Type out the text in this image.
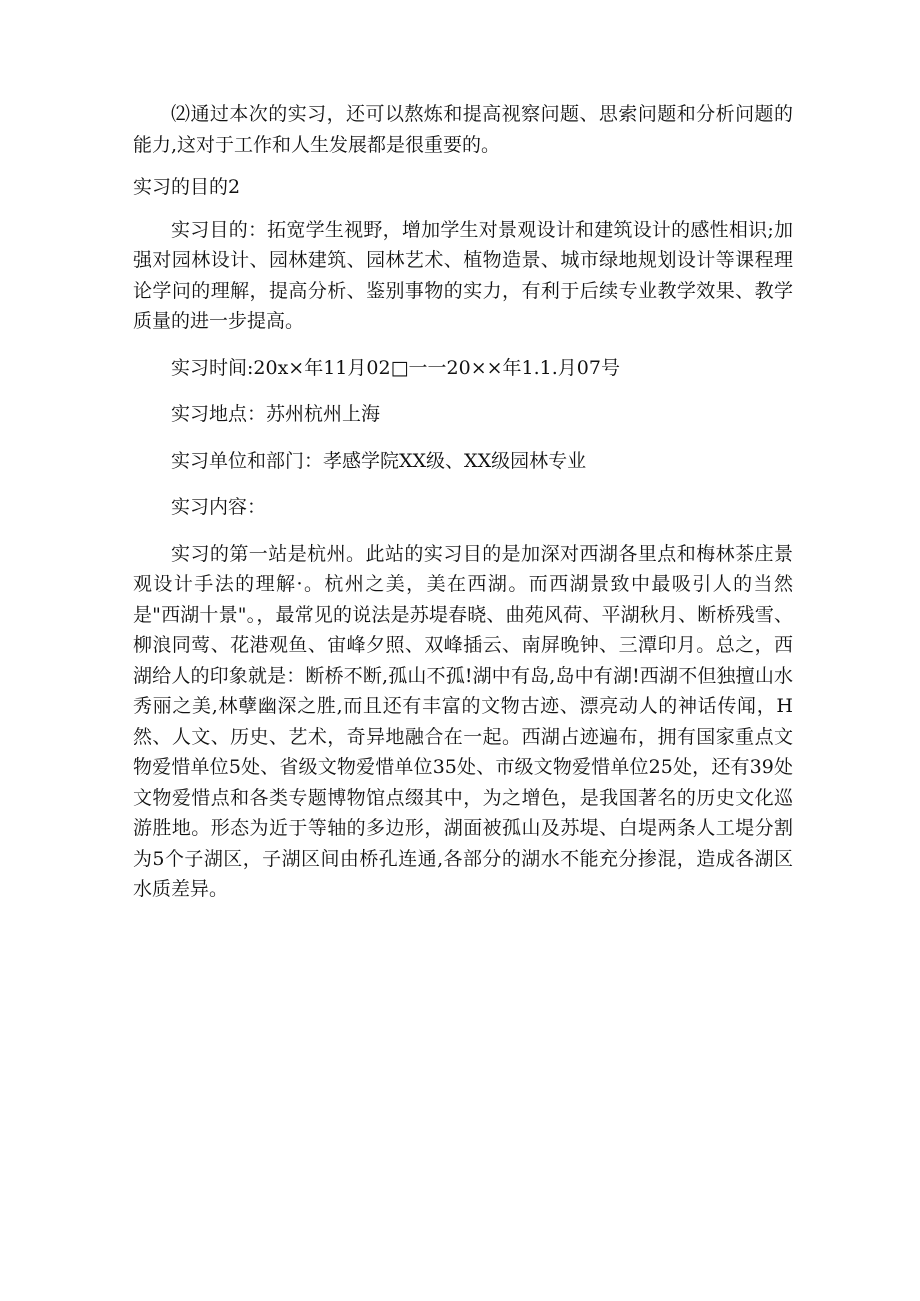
⑵通过本次的实习，还可以熬炼和提高视察问题、思索问题和分析问题的能力,这对于工作和人生发展都是很重要的。

实习的目的2

实习目的：拓宽学生视野，增加学生对景观设计和建筑设计的感性相识;加强对园林设计、园林建筑、园林艺术、植物造景、城市绿地规划设计等课程理论学问的理解，提高分析、鉴别事物的实力，有利于后续专业教学效果、教学质量的进一步提高。

实习时间:20x×年11月02□一一20××年1.1.月07号

实习地点：苏州杭州上海

实习单位和部门：孝感学院XX级、XX级园林专业

实习内容：

实习的第一站是杭州。此站的实习目的是加深对西湖各里点和梅林茶庄景观设计手法的理解·。杭州之美，美在西湖。而西湖景致中最吸引人的当然是"西湖十景"。，最常见的说法是苏堤春晓、曲苑风荷、平湖秋月、断桥残雪、柳浪同莺、花港观鱼、宙峰夕照、双峰插云、南屏晚钟、三潭印月。总之，西湖给人的印象就是：断桥不断,孤山不孤!湖中有岛,岛中有湖!西湖不但独擅山水秀丽之美,林孽幽深之胜,而且还有丰富的文物古迹、漂亮动人的神话传闻，H然、人文、历史、艺术，奇异地融合在一起。西湖占迹遍布，拥有国家重点文物爱惜单位5处、省级文物爱惜单位35处、市级文物爱惜单位25处，还有39处文物爱惜点和各类专题博物馆点缀其中，为之增色，是我国著名的历史文化巡游胜地。形态为近于等轴的多边形，湖面被孤山及苏堤、白堤两条人工堤分割为5个子湖区，子湖区间由桥孔连通,各部分的湖水不能充分掺混，造成各湖区水质差异。
